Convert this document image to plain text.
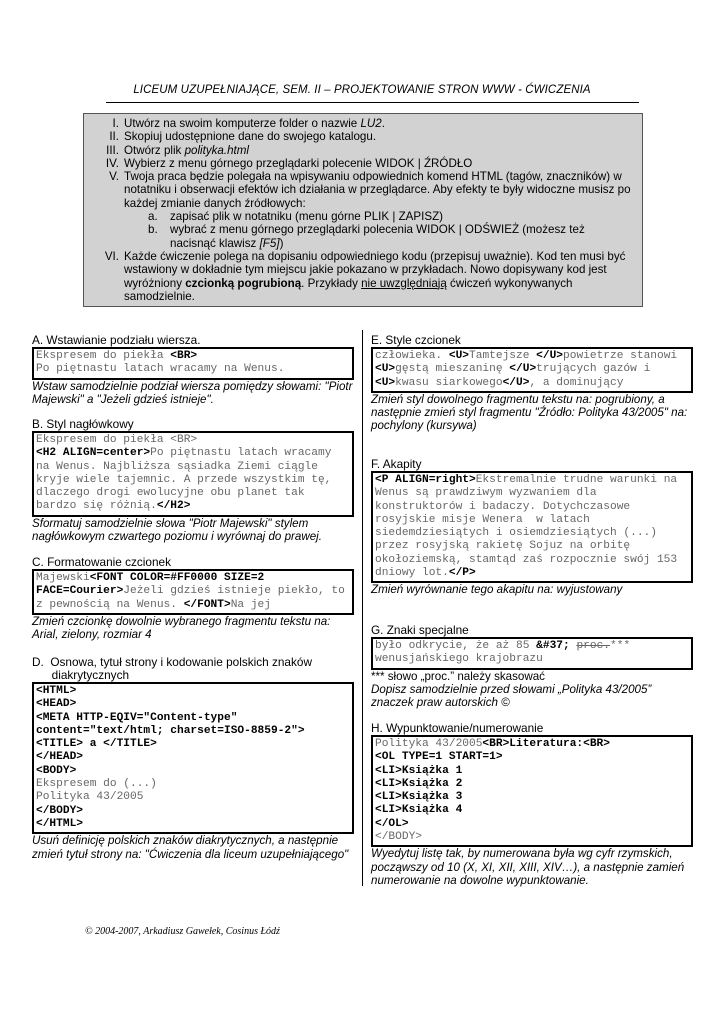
LICEUM UZUPEŁNIAJĄCE, SEM. II – PROJEKTOWANIE STRON WWW - ĆWICZENIA
I. Utwórz na swoim komputerze folder o nazwie LU2.
II. Skopiuj udostępnione dane do swojego katalogu.
III. Otwórz plik polityka.html
IV. Wybierz z menu górnego przeglądarki polecenie WIDOK | ŹRÓDŁO
V. Twoja praca będzie polegała na wpisywaniu odpowiednich komend HTML (tagów, znaczników) w notatniku i obserwacji efektów ich działania w przeglądarce. Aby efekty te były widoczne musisz po każdej zmianie danych źródłowych:
a.	zapisać plik w notatniku (menu górne PLIK | ZAPISZ)
b.	wybrać z menu górnego przeglądarki polecenia WIDOK | ODŚWIEŻ (możesz też nacisnąć klawisz [F5])
VI. Każde ćwiczenie polega na dopisaniu odpowiedniego kodu (przepisuj uważnie). Kod ten musi być wstawiony w dokładnie tym miejscu jakie pokazano w przykładach. Nowo dopisywany kod jest wyróżniony czcionką pogrubioną. Przykłady nie uwzględniają ćwiczeń wykonywanych samodzielnie.
A. Wstawianie podziału wiersza.
Ekspresem do piekła <BR>
Po piętnastu latach wracamy na Wenus.
Wstaw samodzielnie podział wiersza pomiędzy słowami: "Piotr Majewski" a "Jeżeli gdzieś istnieje".
B. Styl nagłówkowy
Ekspresem do piekła <BR>
<H2 ALIGN=center>Po piętnastu latach wracamy na Wenus. Najbliższa sąsiadka Ziemi ciągle kryje wiele tajemnic. A przede wszystkim tę, dlaczego drogi ewolucyjne obu planet tak bardzo się różnią.</H2>
Sformatuj samodzielnie słowa "Piotr Majewski" stylem nagłówkowym czwartego poziomu i wyrównaj do prawej.
C. Formatowanie czcionek
Majewski<FONT COLOR=#FF0000 SIZE=2 FACE=Courier>Jeżeli gdzieś istnieje piekło, to z pewnością na Wenus. </FONT>Na jej
Zmień czcionkę dowolnie wybranego fragmentu tekstu na: Arial, zielony, rozmiar 4
D.  Osnowa, tytuł strony i kodowanie polskich znaków
diakrytycznych
<HTML>
<HEAD>
<META HTTP-EQIV="Content-type"
content="text/html; charset=ISO-8859-2">
<TITLE> a </TITLE>
</HEAD>
<BODY>
Ekspresem do (...)
Polityka 43/2005
</BODY>
</HTML>
Usuń definicję polskich znaków diakrytycznych, a następnie zmień tytuł strony na: "Ćwiczenia dla liceum uzupełniającego"
E. Style czcionek
człowieka. <U>Tamtejsze </U>powietrze stanowi <U>gęstą mieszaninę </U>trujących gazów i <U>kwasu siarkowego</U>, a dominujący
Zmień styl dowolnego fragmentu tekstu na: pogrubiony, a następnie zmień styl fragmentu "Źródło: Polityka 43/2005" na: pochylony (kursywa)
F. Akapity
<P ALIGN=right>Ekstremalnie trudne warunki na Wenus są prawdziwym wyzwaniem dla konstruktorów i badaczy. Dotychczasowe rosyjskie misje Wenera  w latach siedemdziesiątych i osiemdziesiątych (...) przez rosyjską rakietę Sojuz na orbitę okołoziemską, stamtąd zaś rozpocznie swój 153 dniowy lot.</P>
Zmień wyrównanie tego akapitu na: wyjustowany
G. Znaki specjalne
było odkrycie, że aż 85 &#37; proc.***
wenusjańskiego krajobrazu
*** słowo „proc.” należy skasować
Dopisz samodzielnie przed słowami „Polityka 43/2005” znaczek praw autorskich ©
H. Wypunktowanie/numerowanie
Polityka 43/2005<BR>Literatura:<BR>
<OL TYPE=1 START=1>
<LI>Książka 1
<LI>Książka 2
<LI>Książka 3
<LI>Książka 4
</OL>
</BODY>
Wyedytuj listę tak, by numerowana była wg cyfr rzymskich, począwszy od 10 (X, XI, XII, XIII, XIV…), a następnie zamień numerowanie na dowolne wypunktowanie.
© 2004-2007, Arkadiusz Gawełek, Cosinus Łódź
